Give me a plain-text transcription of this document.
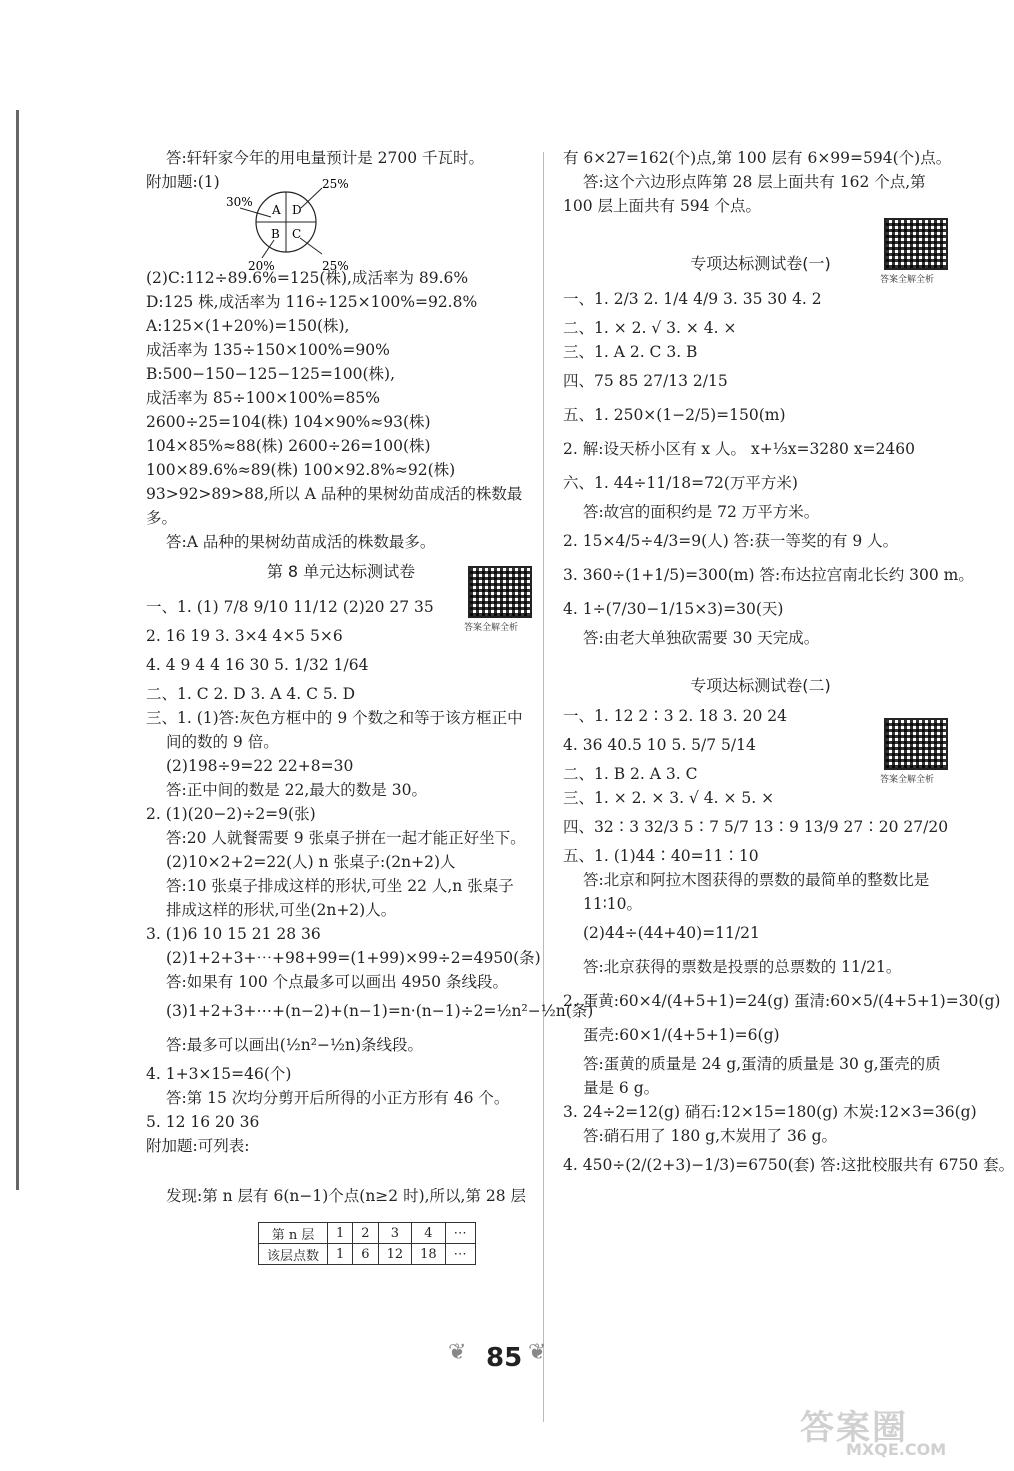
答:轩轩家今年的用电量预计是 2700 千瓦时。
附加题:(1)
(2)C:112÷89.6%=125(株),成活率为 89.6%
D:125 株,成活率为 116÷125×100%=92.8%
A:125×(1+20%)=150(株),
成活率为 135÷150×100%=90%
B:500−150−125−125=100(株),
成活率为 85÷100×100%=85%
2600÷25=104(株) 104×90%≈93(株)
104×85%≈88(株) 2600÷26=100(株)
100×89.6%≈89(株) 100×92.8%≈92(株)
93>92>89>88,所以 A 品种的果树幼苗成活的株数最
多。
答:A 品种的果树幼苗成活的株数最多。
第 8 单元达标测试卷
一、1. (1) 7/8 9/10 11/12 (2)20 27 35
2. 16 19 3. 3×4 4×5 5×6
4. 4 9 4 4 16 30 5. 1/32 1/64
二、1. C 2. D 3. A 4. C 5. D
三、1. (1)答:灰色方框中的 9 个数之和等于该方框正中
间的数的 9 倍。
(2)198÷9=22 22+8=30
答:正中间的数是 22,最大的数是 30。
2. (1)(20−2)÷2=9(张)
答:20 人就餐需要 9 张桌子拼在一起才能正好坐下。
(2)10×2+2=22(人) n 张桌子:(2n+2)人
答:10 张桌子排成这样的形状,可坐 22 人,n 张桌子
排成这样的形状,可坐(2n+2)人。
3. (1)6 10 15 21 28 36
(2)1+2+3+⋯+98+99=(1+99)×99÷2=4950(条)
答:如果有 100 个点最多可以画出 4950 条线段。
(3)1+2+3+⋯+(n−2)+(n−1)=n·(n−1)÷2=½n²−½n(条)
答:最多可以画出(½n²−½n)条线段。
4. 1+3×15=46(个)
答:第 15 次均分剪开后所得的小正方形有 46 个。
5. 12 16 20 36
附加题:可列表:
发现:第 n 层有 6(n−1)个点(n≥2 时),所以,第 28 层
A D
B C
30%
25%
20%	25%
答案全解全析
答案全解全析
答案全解全析
第 n 层	1	2	3	4	⋯
该层点数	1	6	12	18	⋯
有 6×27=162(个)点,第 100 层有 6×99=594(个)点。
答:这个六边形点阵第 28 层上面共有 162 个点,第
100 层上面共有 594 个点。
专项达标测试卷(一)
一、1. 2/3 2. 1/4 4/9 3. 35 30 4. 2
二、1. × 2. √ 3. × 4. ×
三、1. A 2. C 3. B
四、75 85 27/13 2/15
五、1. 250×(1−2/5)=150(m)
2. 解:设天桥小区有 x 人。 x+⅓x=3280 x=2460
六、1. 44÷11/18=72(万平方米)
答:故宫的面积约是 72 万平方米。
2. 15×4/5÷4/3=9(人) 答:获一等奖的有 9 人。
3. 360÷(1+1/5)=300(m) 答:布达拉宫南北长约 300 m。
4. 1÷(7/30−1/15×3)=30(天)
答:由老大单独砍需要 30 天完成。
专项达标测试卷(二)
一、1. 12 2∶3 2. 18 3. 20 24
4. 36 40.5 10 5. 5/7 5/14
二、1. B 2. A 3. C
三、1. × 2. × 3. √ 4. × 5. ×
四、32∶3 32/3 5∶7 5/7 13∶9 13/9 27∶20 27/20
五、1. (1)44∶40=11∶10
答:北京和阿拉木图获得的票数的最简单的整数比是
11∶10。
(2)44÷(44+40)=11/21
答:北京获得的票数是投票的总票数的 11/21。
2. 蛋黄:60×4/(4+5+1)=24(g) 蛋清:60×5/(4+5+1)=30(g)
蛋壳:60×1/(4+5+1)=6(g)
答:蛋黄的质量是 24 g,蛋清的质量是 30 g,蛋壳的质
量是 6 g。
3. 24÷2=12(g) 硝石:12×15=180(g) 木炭:12×3=36(g)
答:硝石用了 180 g,木炭用了 36 g。
4. 450÷(2/(2+3)−1/3)=6750(套) 答:这批校服共有 6750 套。
❦ 85 ❦
答案圈
MXQE.COM
